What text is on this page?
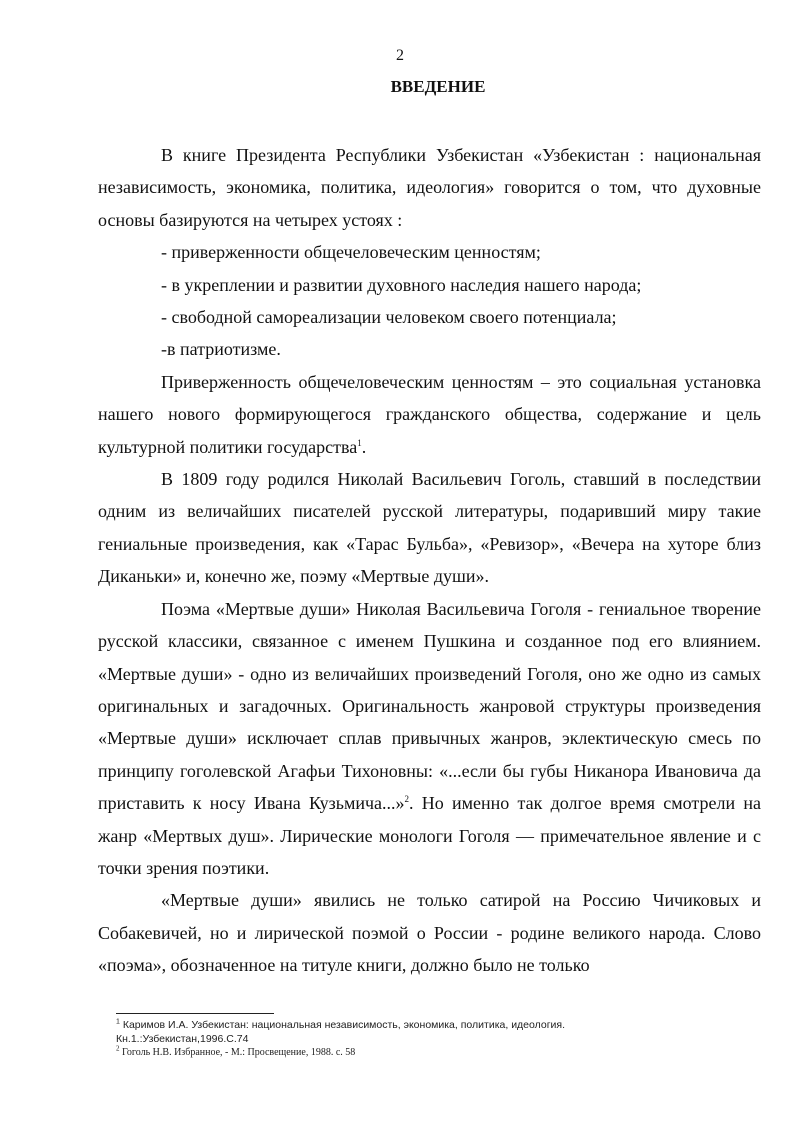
2
ВВЕДЕНИЕ

В книге Президента Республики Узбекистан «Узбекистан : национальная независимость, экономика, политика, идеология» говорится о том, что духовные основы базируются на четырех устоях :

- приверженности общечеловеческим ценностям;

- в укреплении и развитии духовного наследия нашего народа;

- свободной самореализации человеком своего потенциала;

-в патриотизме.

Приверженность общечеловеческим ценностям – это социальная установка нашего нового формирующегося гражданского общества, содержание и цель культурной политики государства$^1$.

В 1809 году родился Николай Васильевич Гоголь, ставший в последствии одним из величайших писателей русской литературы, подаривший миру такие гениальные произведения, как «Тарас Бульба», «Ревизор», «Вечера на хуторе близ Диканьки» и, конечно же, поэму «Мертвые души».

Поэма «Мертвые души» Николая Васильевича Гоголя - гениальное творение русской классики, связанное с именем Пушкина и созданное под его влиянием. «Мертвые души» - одно из величайших произведений Гоголя, оно же одно из самых оригинальных и загадочных. Оригинальность жанровой структуры произведения «Мертвые души» исключает сплав привычных жанров, эклектическую смесь по принципу гоголевской Агафьи Тихоновны: «...если бы губы Никанора Ивановича да приставить к носу Ивана Кузьмича...»$^2$. Но именно так долгое время смотрели на жанр «Мертвых душ». Лирические монологи Гоголя — примечательное явление и с точки зрения поэтики.

«Мертвые души» явились не только сатирой на Россию Чичиковых и Собакевичей, но и лирической поэмой о России - родине великого народа. Слово «поэма», обозначенное на титуле книги, должно было не только

$^1$ Каримов И.А. Узбекистан: национальная независимость, экономика, политика, идеология. Кн.1.:Узбекистан,1996.С.74
$^2$ Гоголь Н.В. Избранное, - М.: Просвещение, 1988. с. 58
